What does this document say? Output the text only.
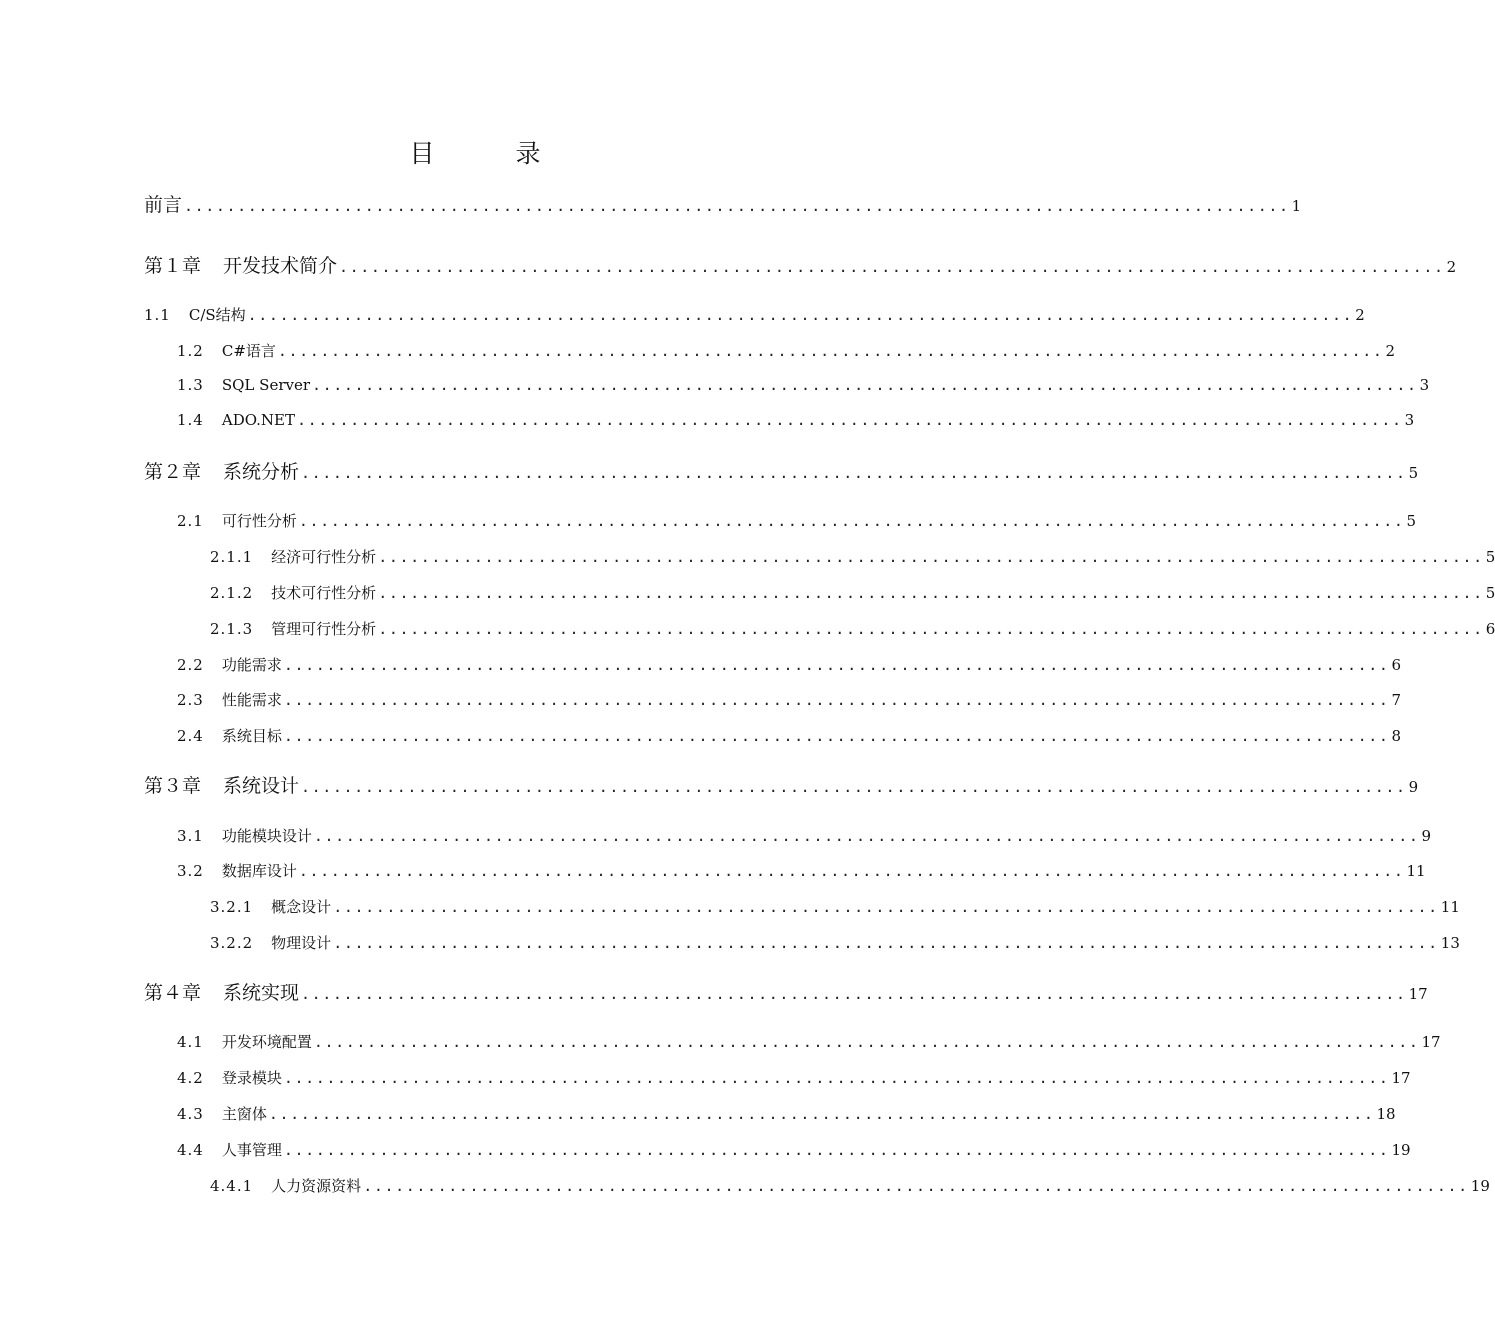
目　录
前言 ........................................................................................................ 1
第１章 开发技术简介 ........................................................................................................ 2
1.1 C/S结构 ........................................................................................................ 2
1.2 C#语言 ........................................................................................................ 2
1.3 SQL Server ........................................................................................................ 3
1.4 ADO.NET ........................................................................................................ 3
第２章 系统分析 ........................................................................................................ 5
2.1 可行性分析 ........................................................................................................ 5
2.1.1 经济可行性分析 ........................................................................................................ 5
2.1.2 技术可行性分析 ........................................................................................................ 5
2.1.3 管理可行性分析 ........................................................................................................ 6
2.2 功能需求 ........................................................................................................ 6
2.3 性能需求 ........................................................................................................ 7
2.4 系统目标 ........................................................................................................ 8
第３章 系统设计 ........................................................................................................ 9
3.1 功能模块设计 ........................................................................................................ 9
3.2 数据库设计 ........................................................................................................ 11
3.2.1 概念设计 ........................................................................................................ 11
3.2.2 物理设计 ........................................................................................................ 13
第４章 系统实现 ........................................................................................................ 17
4.1 开发环境配置 ........................................................................................................ 17
4.2 登录模块 ........................................................................................................ 17
4.3 主窗体 ........................................................................................................ 18
4.4 人事管理 ........................................................................................................ 19
4.4.1 人力资源资料 ........................................................................................................ 19
